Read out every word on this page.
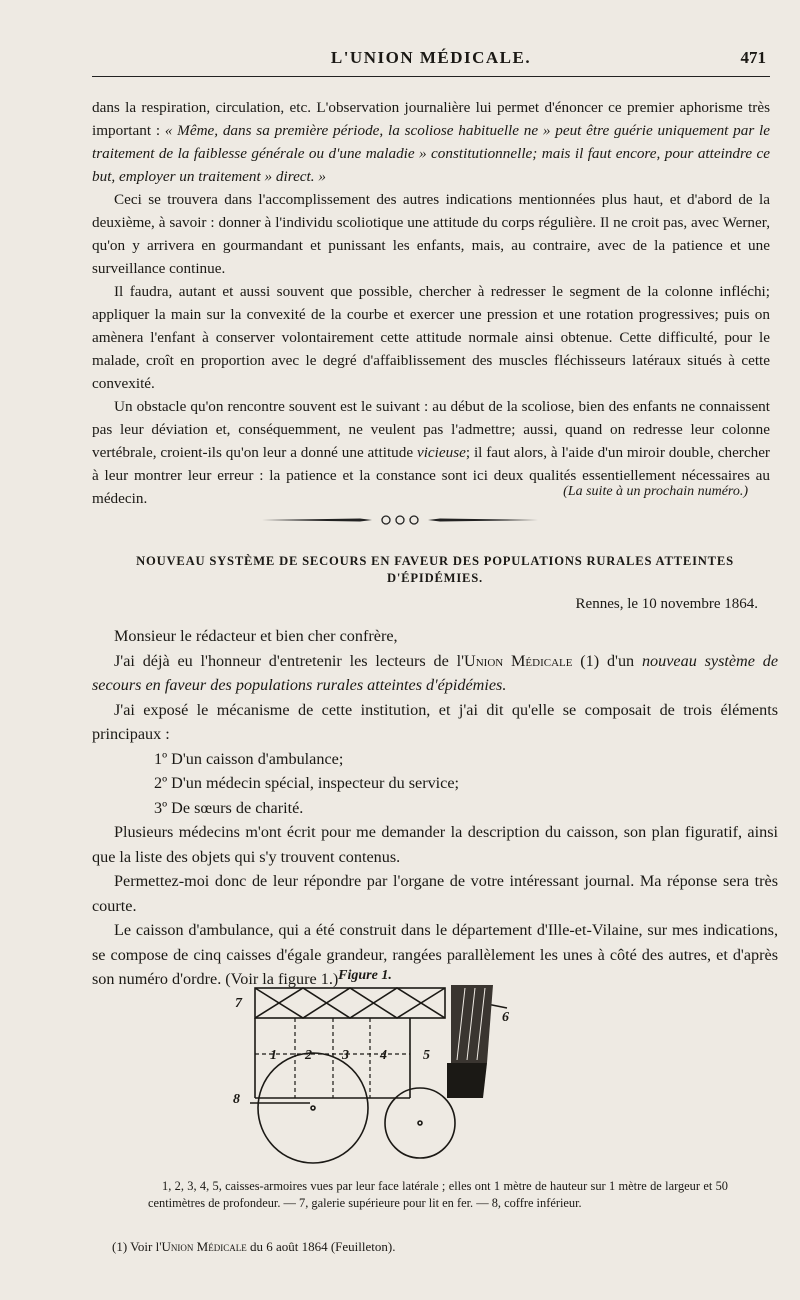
L'UNION MÉDICALE.	471

dans la respiration, circulation, etc. L'observation journalière lui permet d'énoncer ce premier aphorisme très important : « Même, dans sa première période, la scoliose habituelle ne » peut être guérie uniquement par le traitement de la faiblesse générale ou d'une maladie » constitutionnelle; mais il faut encore, pour atteindre ce but, employer un traitement » direct. »

Ceci se trouvera dans l'accomplissement des autres indications mentionnées plus haut, et d'abord de la deuxième, à savoir : donner à l'individu scoliotique une attitude du corps régulière. Il ne croit pas, avec Werner, qu'on y arrivera en gourmandant et punissant les enfants, mais, au contraire, avec de la patience et une surveillance continue.

Il faudra, autant et aussi souvent que possible, chercher à redresser le segment de la colonne infléchi; appliquer la main sur la convexité de la courbe et exercer une pression et une rotation progressives; puis on amènera l'enfant à conserver volontairement cette attitude normale ainsi obtenue. Cette difficulté, pour le malade, croît en proportion avec le degré d'affaiblissement des muscles fléchisseurs latéraux situés à cette convexité.

Un obstacle qu'on rencontre souvent est le suivant : au début de la scoliose, bien des enfants ne connaissent pas leur déviation et, conséquemment, ne veulent pas l'admettre; aussi, quand on redresse leur colonne vertébrale, croient-ils qu'on leur a donné une attitude vicieuse; il faut alors, à l'aide d'un miroir double, chercher à leur montrer leur erreur : la patience et la constance sont ici deux qualités essentiellement nécessaires au médecin.	(La suite à un prochain numéro.)
NOUVEAU SYSTÈME DE SECOURS EN FAVEUR DES POPULATIONS RURALES ATTEINTES
D'ÉPIDÉMIES.
Rennes, le 10 novembre 1864.

Monsieur le rédacteur et bien cher confrère,

J'ai déjà eu l'honneur d'entretenir les lecteurs de l'Union Médicale (1) d'un nouveau système de secours en faveur des populations rurales atteintes d'épidémies.

J'ai exposé le mécanisme de cette institution, et j'ai dit qu'elle se composait de trois éléments principaux :

1º D'un caisson d'ambulance;

2º D'un médecin spécial, inspecteur du service;

3º De sœurs de charité.

Plusieurs médecins m'ont écrit pour me demander la description du caisson, son plan figuratif, ainsi que la liste des objets qui s'y trouvent contenus.

Permettez-moi donc de leur répondre par l'organe de votre intéressant journal. Ma réponse sera très courte.

Le caisson d'ambulance, qui a été construit dans le département d'Ille-et-Vilaine, sur mes indications, se compose de cinq caisses d'égale grandeur, rangées parallèlement les unes à côté des autres, et d'après son numéro d'ordre. (Voir la figure 1.) Figure 1.
7
6
1 2 3 4	5
8

1, 2, 3, 4, 5, caisses-armoires vues par leur face latérale ; elles ont 1 mètre de hauteur sur 1 mètre de largeur et 50 centimètres de profondeur. — 7, galerie supérieure pour lit en fer. — 8, coffre inférieur.

(1) Voir l'Union Médicale du 6 août 1864 (Feuilleton).
